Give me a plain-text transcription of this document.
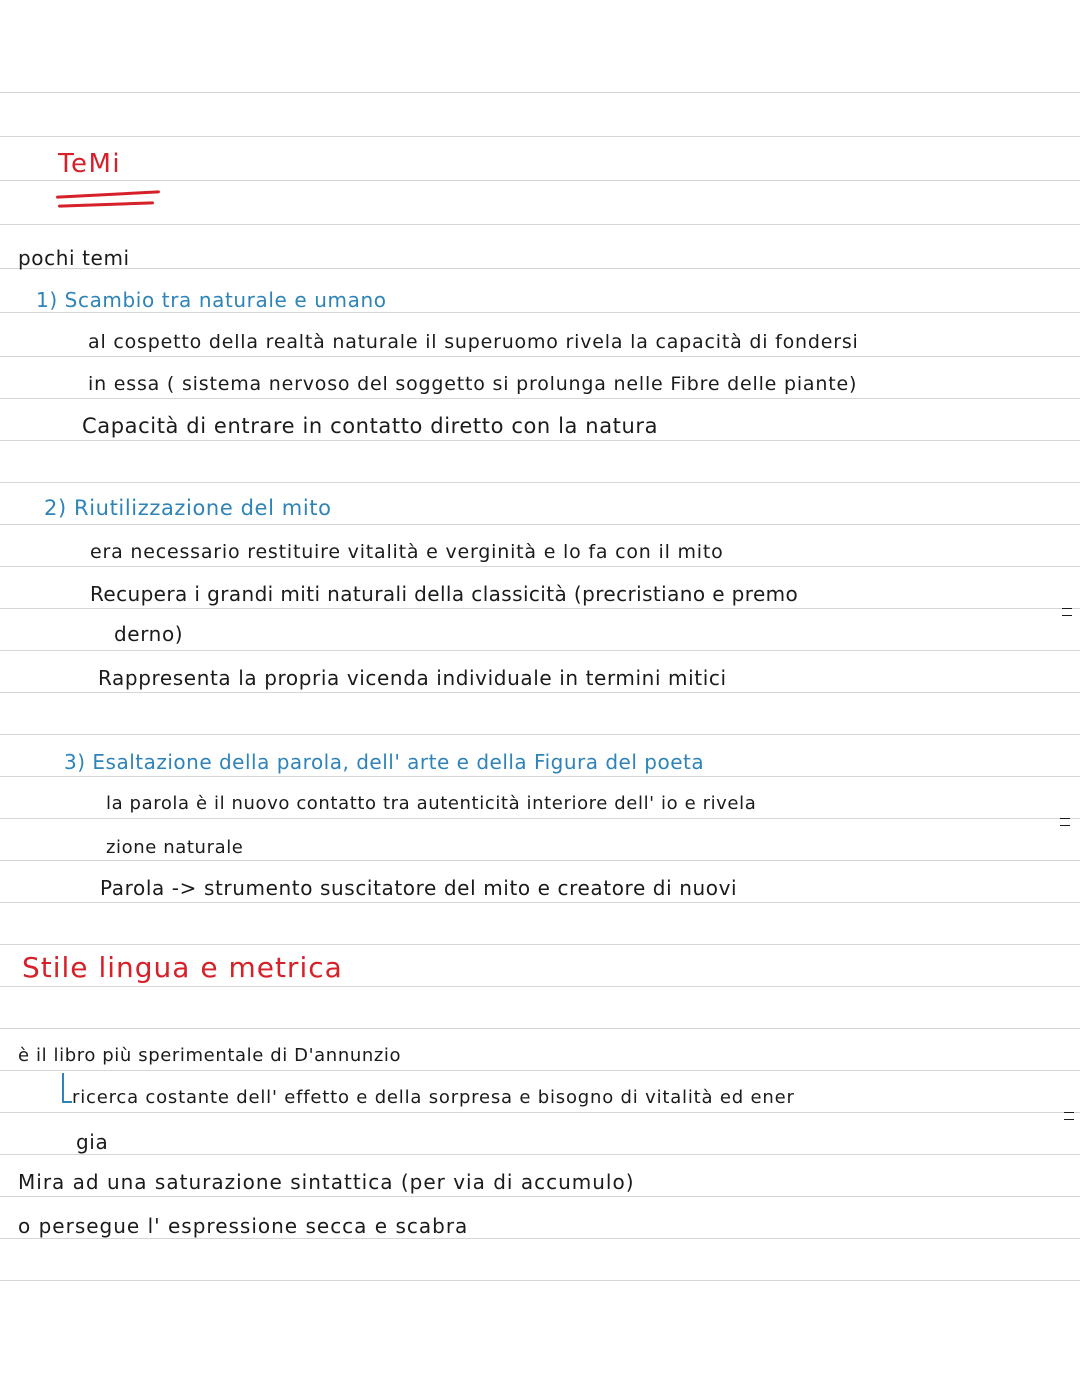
TeMi
pochi temi
1) Scambio tra naturale e umano
al cospetto della realtà naturale il superuomo rivela la capacità di fondersi
in essa ( sistema nervoso del soggetto si prolunga nelle Fibre delle piante)
Capacità di entrare in contatto diretto con la natura
2) Riutilizzazione del mito
era necessario restituire vitalità e verginità e lo fa con il mito
Recupera i grandi miti naturali della classicità (precristiano e premo
derno)
Rappresenta la propria vicenda individuale in termini mitici
3) Esaltazione della parola, dell' arte e della Figura del poeta
la parola è il nuovo contatto tra autenticità interiore dell' io e rivela
zione naturale
Parola -> strumento suscitatore del mito e creatore di nuovi
Stile lingua e metrica
è il libro più sperimentale di D'annunzio
ricerca costante dell' effetto e della sorpresa e bisogno di vitalità ed ener
gia
Mira ad una saturazione sintattica (per via di accumulo)
o persegue l' espressione secca e scabra
